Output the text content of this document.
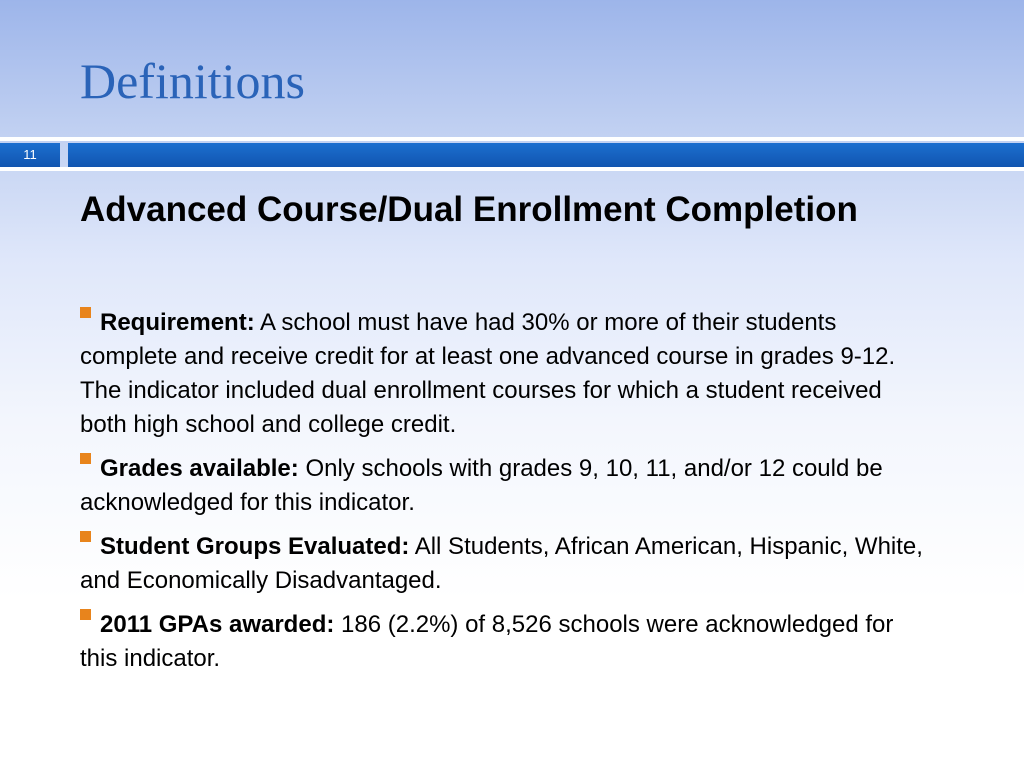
Definitions
11
Advanced Course/Dual Enrollment Completion
Requirement: A school must have had 30% or more of their students complete and receive credit for at least one advanced course in grades 9-12. The indicator included dual enrollment courses for which a student received both high school and college credit.
Grades available: Only schools with grades 9, 10, 11, and/or 12 could be acknowledged for this indicator.
Student Groups Evaluated: All Students, African American, Hispanic, White, and Economically Disadvantaged.
2011 GPAs awarded: 186 (2.2%) of 8,526 schools were acknowledged for this indicator.
